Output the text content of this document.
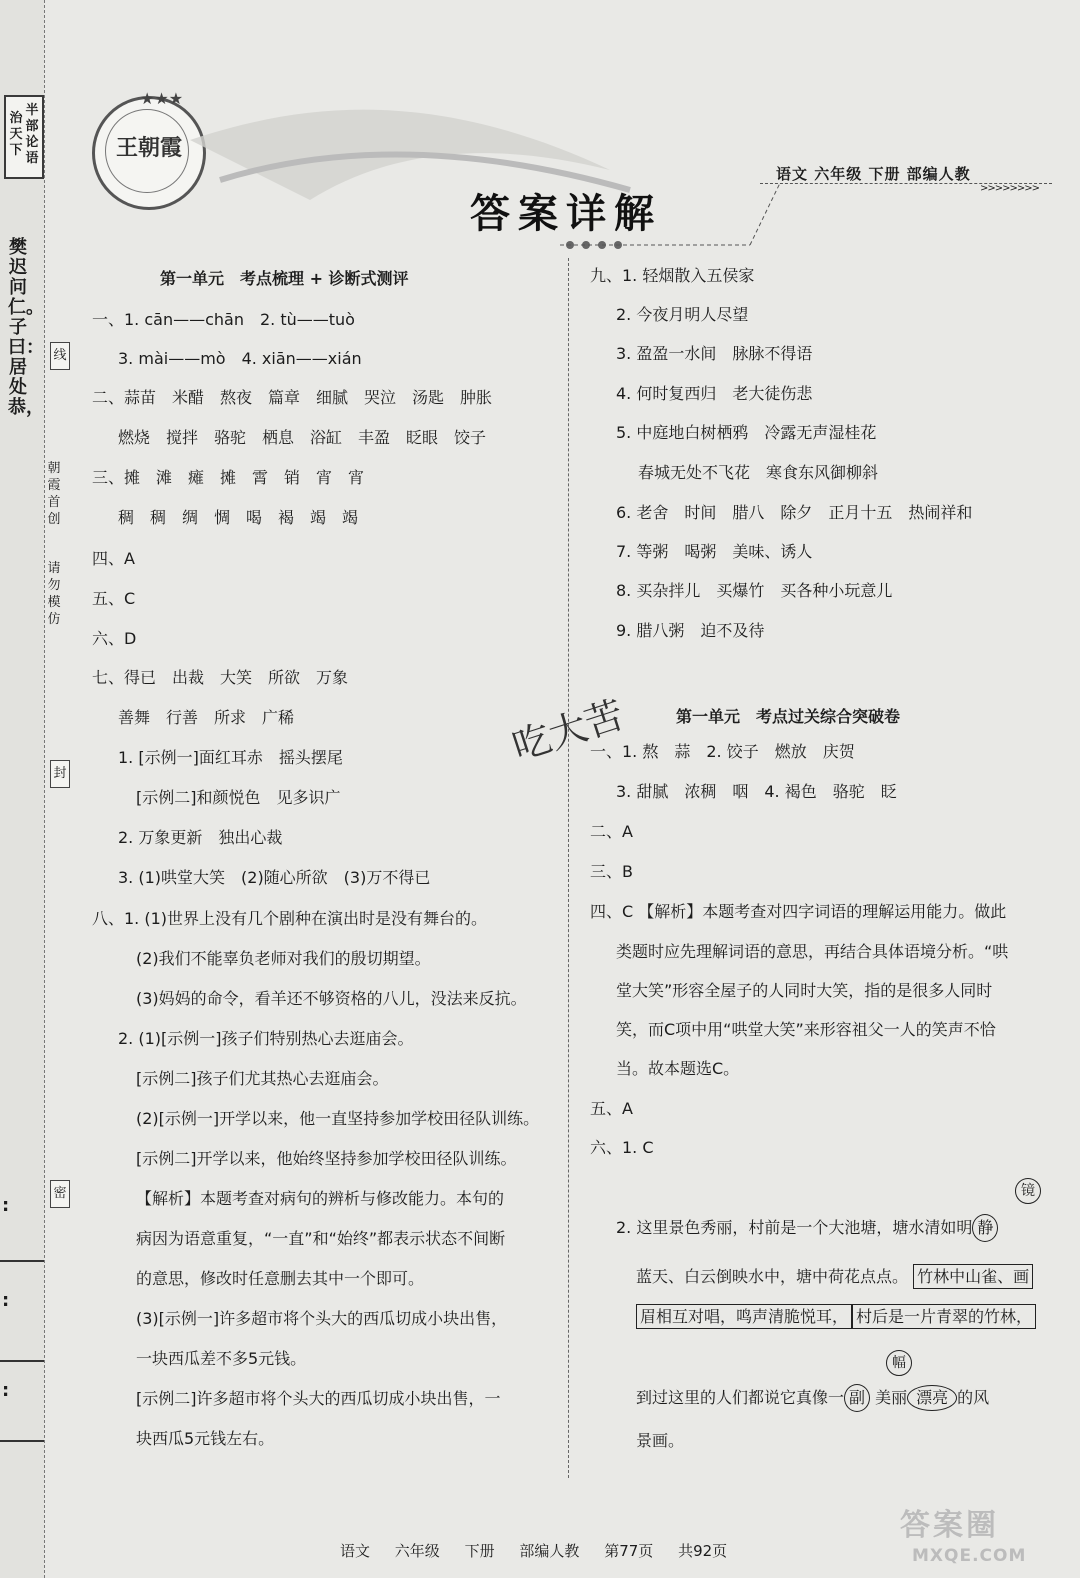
半部论语
治天下
樊迟问仁。子曰：居处恭，
朝霞首创
请勿模仿
线
封
密
:
:
:
★★★
王朝霞
答案详解
语文 六年级 下册 部编人教
>>>>>>>>
第一单元　考点梳理 + 诊断式测评
一、1. cān——chān　2. tù——tuò
3. mài——mò　4. xiān——xián
二、蒜苗　米醋　熬夜　篇章　细腻　哭泣　汤匙　肿胀
燃烧　搅拌　骆驼　栖息　浴缸　丰盈　眨眼　饺子
三、摊　滩　瘫　摊　霄　销　宵　宵
稠　稠　绸　惆　喝　褐　竭　竭
四、A
五、C
六、D
七、得已　出裁　大笑　所欲　万象
善舞　行善　所求　广稀
1. [示例一]面红耳赤　摇头摆尾
[示例二]和颜悦色　见多识广
2. 万象更新　独出心裁
3. (1)哄堂大笑　(2)随心所欲　(3)万不得已
八、1. (1)世界上没有几个剧种在演出时是没有舞台的。
(2)我们不能辜负老师对我们的殷切期望。
(3)妈妈的命令，看羊还不够资格的八儿，没法来反抗。
2. (1)[示例一]孩子们特别热心去逛庙会。
[示例二]孩子们尤其热心去逛庙会。
(2)[示例一]开学以来，他一直坚持参加学校田径队训练。
[示例二]开学以来，他始终坚持参加学校田径队训练。
【解析】本题考查对病句的辨析与修改能力。本句的
病因为语意重复，“一直”和“始终”都表示状态不间断
的意思，修改时任意删去其中一个即可。
(3)[示例一]许多超市将个头大的西瓜切成小块出售，
一块西瓜差不多5元钱。
[示例二]许多超市将个头大的西瓜切成小块出售，一
块西瓜5元钱左右。
九、1. 轻烟散入五侯家
2. 今夜月明人尽望
3. 盈盈一水间　脉脉不得语
4. 何时复西归　老大徒伤悲
5. 中庭地白树栖鸦　冷露无声湿桂花
春城无处不飞花　寒食东风御柳斜
6. 老舍　时间　腊八　除夕　正月十五　热闹祥和
7. 等粥　喝粥　美味、诱人
8. 买杂拌儿　买爆竹　买各种小玩意儿
9. 腊八粥　迫不及待
第一单元　考点过关综合突破卷
一、1. 熬　蒜　2. 饺子　燃放　庆贺
3. 甜腻　浓稠　咽　4. 褐色　骆驼　眨
二、A
三、B
四、C 【解析】本题考查对四字词语的理解运用能力。做此
类题时应先理解词语的意思，再结合具体语境分析。“哄
堂大笑”形容全屋子的人同时大笑，指的是很多人同时
笑，而C项中用“哄堂大笑”来形容祖父一人的笑声不恰
当。故本题选C。
五、A
六、1. C
镜
2. 这里景色秀丽，村前是一个大池塘，塘水清如明 静
蓝天、白云倒映水中，塘中荷花点点。 竹林中山雀、画
眉相互对唱，鸣声清脆悦耳， 村后是一片青翠的竹林，
幅
到过这里的人们都说它真像一 副 美丽 漂亮 的风
景画。
吃大苦
语文 六年级 下册 部编人教 第77页 共92页
答案圈
MXQE.COM
